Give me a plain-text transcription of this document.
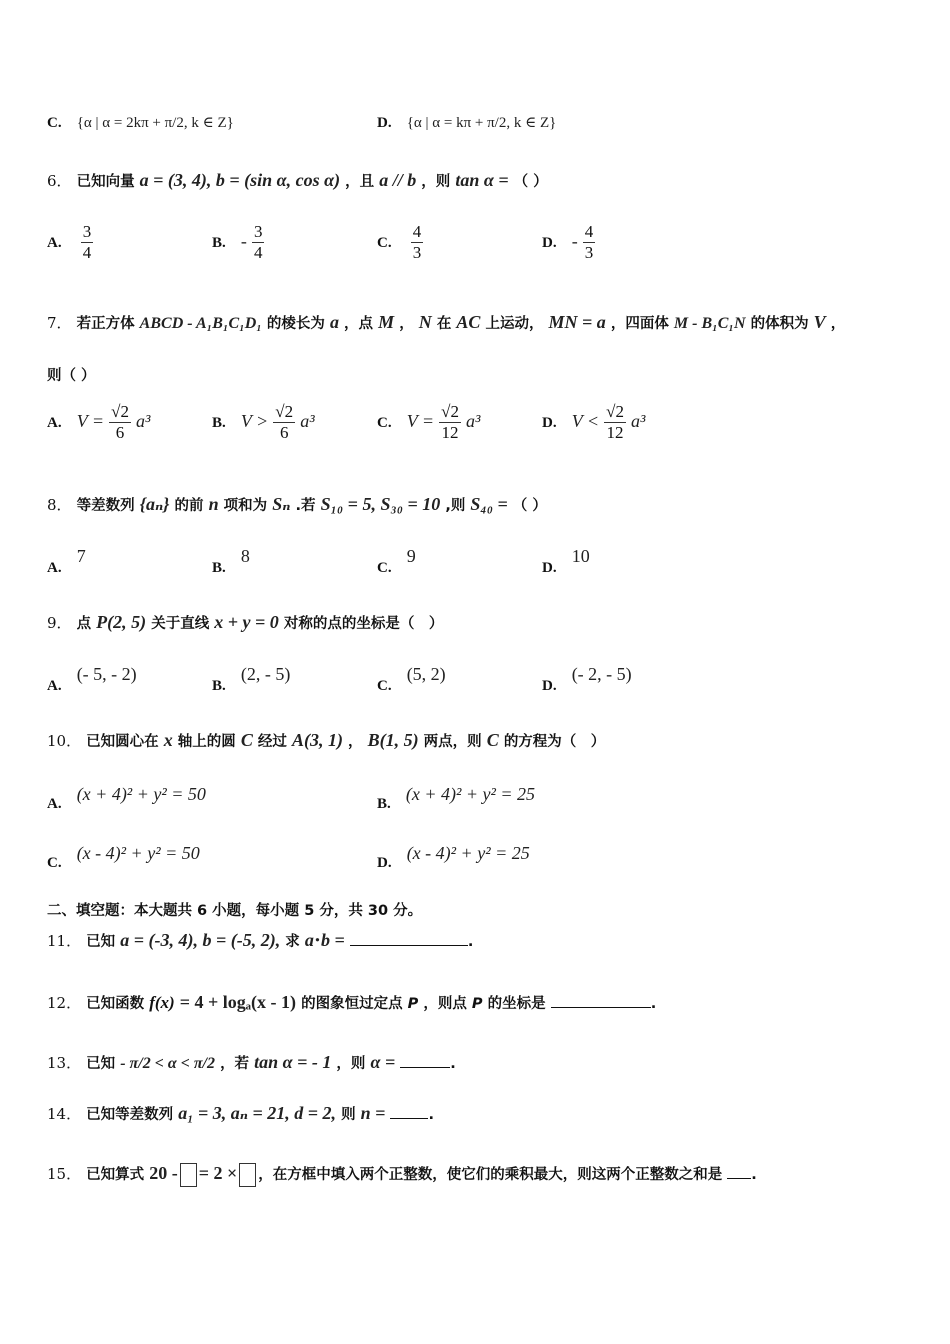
C. {α | α = 2kπ + π/2, k ∈ Z}	D. {α | α = kπ + π/2, k ∈ Z}
6． 已知向量 a = (3, 4), b = (sin α, cos α) ，且 a // b ，则 tan α = （ ）
A. $\frac{3}{4}$	B. - $\frac{3}{4}$	C. $\frac{4}{3}$	D. - $\frac{4}{3}$
7． 若正方体 ABCD - A₁B₁C₁D₁ 的棱长为 a ，点 M ， N 在 AC 上运动， MN = a ，四面体 M - B₁C₁N 的体积为 V ，
则（ ）
A. $V = \frac{√2}{6} a^3$	B. $V > \frac{√2}{6} a^3$	C. $V = \frac{√2}{12} a^3$	D. $V < \frac{√2}{12} a^3$
8． 等差数列 {aₙ} 的前 n 项和为 Sₙ .若 S₁₀ = 5, S₃₀ = 10 ,则 S₄₀ = （ ）
A. 7
B. 8
C. 9
D. 10
9． 点 P(2, 5) 关于直线 x + y = 0 对称的点的坐标是（　）
A. (- 5, - 2)
B. (2, - 5)
C. (5, 2)
D. (- 2, - 5)
10． 已知圆心在 x 轴上的圆 C 经过 A(3, 1) ， B(1, 5) 两点，则 C 的方程为（　）
A. (x + 4)² + y² = 50	B. (x + 4)² + y² = 25
C. (x - 4)² + y² = 50	D. (x - 4)² + y² = 25
二、填空题：本大题共 6 小题，每小题 5 分，共 30 分。
11． 已知 a = (-3, 4), b = (-5, 2), 求 a⋅b =	.
12． 已知函数 f(x) = 4 + logₐ(x - 1) 的图象恒过定点 P ，则点 P 的坐标是	.
13． 已知 - π/2 < α < π/2 ，若 tan α = - 1 ，则 α =	.
14． 已知等差数列 a₁ = 3, aₙ = 21, d = 2, 则 n =	.
15． 已知算式 20 - = 2 × ，在方框中填入两个正整数，使它们的乘积最大，则这两个正整数之和是 .
